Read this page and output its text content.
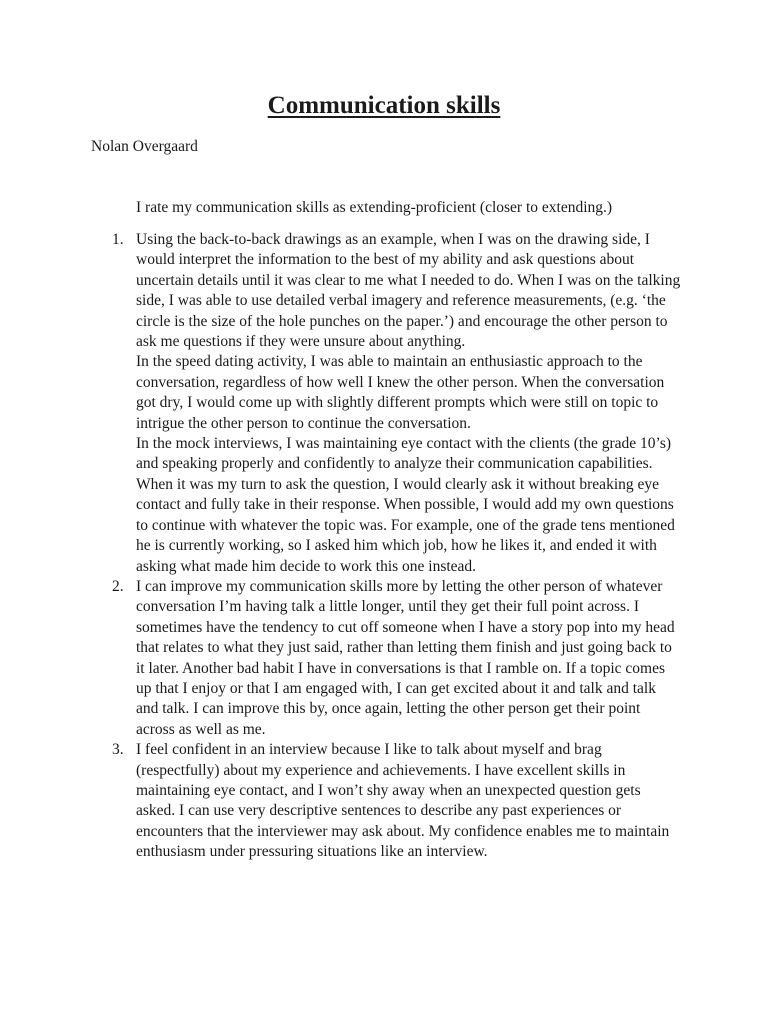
Communication skills

Nolan Overgaard

I rate my communication skills as extending-proficient (closer to extending.)

1. Using the back-to-back drawings as an example, when I was on the drawing side, I would interpret the information to the best of my ability and ask questions about uncertain details until it was clear to me what I needed to do. When I was on the talking side, I was able to use detailed verbal imagery and reference measurements, (e.g. ‘the circle is the size of the hole punches on the paper.’) and encourage the other person to ask me questions if they were unsure about anything.

In the speed dating activity, I was able to maintain an enthusiastic approach to the conversation, regardless of how well I knew the other person. When the conversation got dry, I would come up with slightly different prompts which were still on topic to intrigue the other person to continue the conversation.

In the mock interviews, I was maintaining eye contact with the clients (the grade 10’s) and speaking properly and confidently to analyze their communication capabilities. When it was my turn to ask the question, I would clearly ask it without breaking eye contact and fully take in their response. When possible, I would add my own questions to continue with whatever the topic was. For example, one of the grade tens mentioned he is currently working, so I asked him which job, how he likes it, and ended it with asking what made him decide to work this one instead.

2. I can improve my communication skills more by letting the other person of whatever conversation I’m having talk a little longer, until they get their full point across. I sometimes have the tendency to cut off someone when I have a story pop into my head that relates to what they just said, rather than letting them finish and just going back to it later. Another bad habit I have in conversations is that I ramble on. If a topic comes up that I enjoy or that I am engaged with, I can get excited about it and talk and talk and talk. I can improve this by, once again, letting the other person get their point across as well as me.

3. I feel confident in an interview because I like to talk about myself and brag (respectfully) about my experience and achievements. I have excellent skills in maintaining eye contact, and I won’t shy away when an unexpected question gets asked. I can use very descriptive sentences to describe any past experiences or encounters that the interviewer may ask about. My confidence enables me to maintain enthusiasm under pressuring situations like an interview.
